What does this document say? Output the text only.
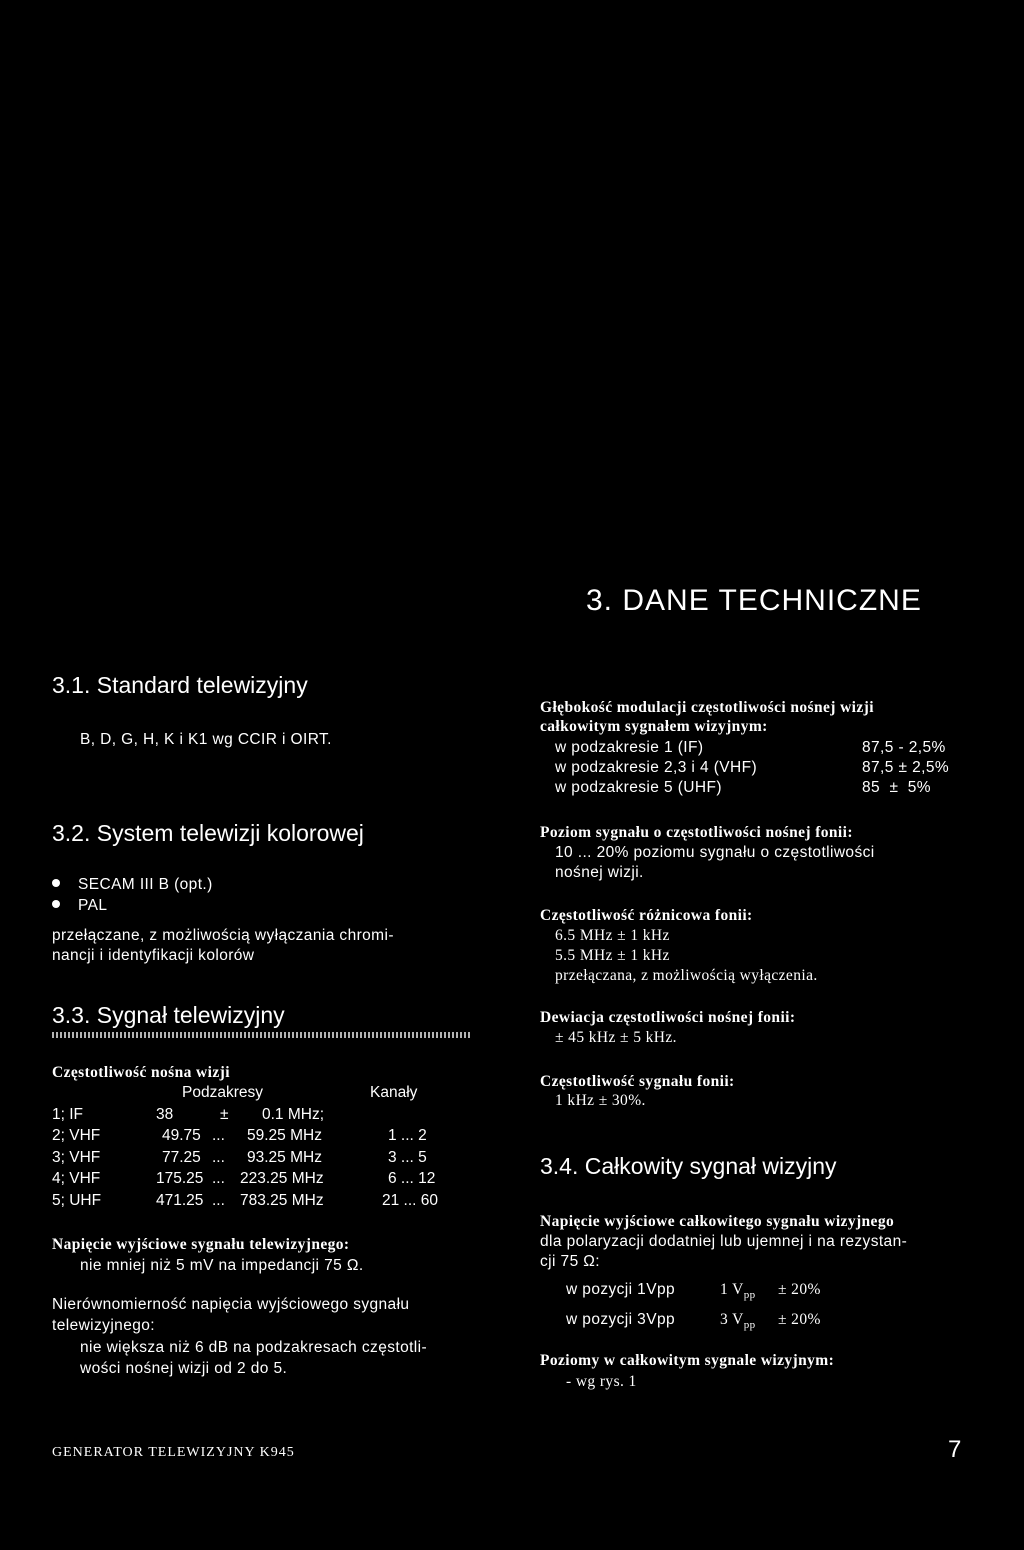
3. DANE TECHNICZNE
3.1. Standard telewizyjny
B, D, G, H, K i K1 wg CCIR i OIRT.
3.2. System telewizji kolorowej
SECAM III B (opt.)
PAL
przełączane, z możliwością wyłączania chromi-
nancji i identyfikacji kolorów
3.3. Sygnał telewizyjny
Częstotliwość nośna wizji
Podzakresy	Kanały
1; IF	38	± 0.1 MHz;
2; VHF	49.75 ... 59.25 MHz	1 ... 2
3; VHF	77.25 ... 93.25 MHz	3 ... 5
4; VHF	175.25 ... 223.25 MHz	6 ... 12
5; UHF	471.25 ... 783.25 MHz	21 ... 60
Napięcie wyjściowe sygnału telewizyjnego:
nie mniej niż 5 mV na impedancji 75 Ω.
Nierównomierność napięcia wyjściowego sygnału
telewizyjnego:
nie większa niż 6 dB na podzakresach częstotli-
wości nośnej wizji od 2 do 5.
Głębokość modulacji częstotliwości nośnej wizji
całkowitym sygnałem wizyjnym:
w podzakresie 1 (IF)	87,5 - 2,5%
w podzakresie 2,3 i 4 (VHF)	87,5 ± 2,5%
w podzakresie 5 (UHF)	85  ±  5%
Poziom sygnału o częstotliwości nośnej fonii:
10 ... 20% poziomu sygnału o częstotliwości
nośnej wizji.
Częstotliwość różnicowa fonii:
6.5 MHz ± 1 kHz
5.5 MHz ± 1 kHz
przełączana, z możliwością wyłączenia.
Dewiacja częstotliwości nośnej fonii:
± 45 kHz ± 5 kHz.
Częstotliwość sygnału fonii:
1 kHz ± 30%.
3.4. Całkowity sygnał wizyjny
Napięcie wyjściowe całkowitego sygnału wizyjnego
dla polaryzacji dodatniej lub ujemnej i na rezystan-
cji 75 Ω:
w pozycji 1Vpp	1 $V_{pp} \pm 20\%$
w pozycji 3Vpp	3 $V_{pp} \pm 20\%$
Poziomy w całkowitym sygnale wizyjnym:
- wg rys. 1
GENERATOR TELEWIZYJNY K945	7
